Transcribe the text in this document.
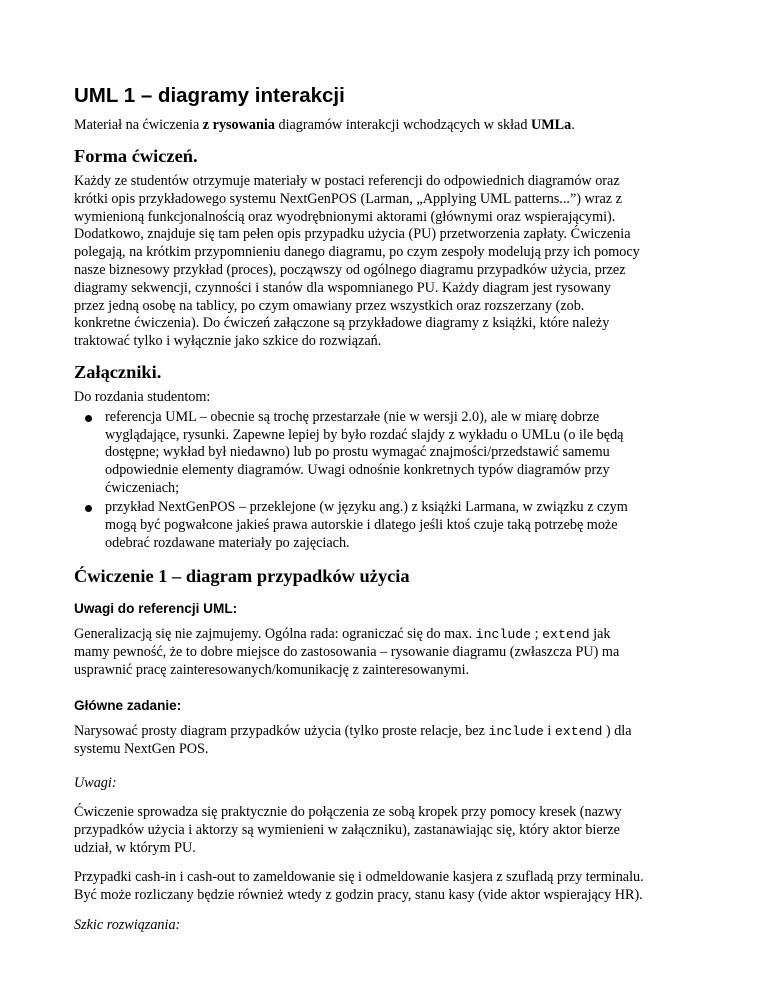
UML 1 – diagramy interakcji
Materiał na ćwiczenia z rysowania diagramów interakcji wchodzących w skład UMLa.
Forma ćwiczeń.
Każdy ze studentów otrzymuje materiały w postaci referencji do odpowiednich diagramów oraz
krótki opis przykładowego systemu NextGenPOS (Larman, „Applying UML patterns...”) wraz z
wymienioną funkcjonalnością oraz wyodrębnionymi aktorami (głównymi oraz wspierającymi).
Dodatkowo, znajduje się tam pełen opis przypadku użycia (PU) przetworzenia zapłaty. Ćwiczenia
polegają, na krótkim przypomnieniu danego diagramu, po czym zespoły modelują przy ich pomocy
nasze biznesowy przykład (proces), począwszy od ogólnego diagramu przypadków użycia, przez
diagramy sekwencji, czynności i stanów dla wspomnianego PU. Każdy diagram jest rysowany
przez jedną osobę na tablicy, po czym omawiany przez wszystkich oraz rozszerzany (zob.
konkretne ćwiczenia). Do ćwiczeń załączone są przykładowe diagramy z książki, które należy
traktować tylko i wyłącznie jako szkice do rozwiązań.
Załączniki.
Do rozdania studentom:
referencja UML – obecnie są trochę przestarzałe (nie w wersji 2.0), ale w miarę dobrze
wyglądające, rysunki. Zapewne lepiej by było rozdać slajdy z wykładu o UMLu (o ile będą
dostępne; wykład był niedawno) lub po prostu wymagać znajmości/przedstawić samemu
odpowiednie elementy diagramów. Uwagi odnośnie konkretnych typów diagramów przy
ćwiczeniach;
przykład NextGenPOS – przeklejone (w języku ang.) z książki Larmana, w związku z czym
mogą być pogwałcone jakieś prawa autorskie i dlatego jeśli ktoś czuje taką potrzebę może
odebrać rozdawane materiały po zajęciach.
Ćwiczenie 1 – diagram przypadków użycia
Uwagi do referencji UML:
Generalizacją się nie zajmujemy. Ogólna rada: ograniczać się do max. include ; extend jak
mamy pewność, że to dobre miejsce do zastosowania – rysowanie diagramu (zwłaszcza PU) ma
usprawnić pracę zainteresowanych/komunikację z zainteresowanymi.
Główne zadanie:
Narysować prosty diagram przypadków użycia (tylko proste relacje, bez include i extend ) dla
systemu NextGen POS.
Uwagi:
Ćwiczenie sprowadza się praktycznie do połączenia ze sobą kropek przy pomocy kresek (nazwy
przypadków użycia i aktorzy są wymienieni w załączniku), zastanawiając się, który aktor bierze
udział, w którym PU.
Przypadki cash-in i cash-out to zameldowanie się i odmeldowanie kasjera z szufladą przy terminalu.
Być może rozliczany będzie również wtedy z godzin pracy, stanu kasy (vide aktor wspierający HR).
Szkic rozwiązania:
